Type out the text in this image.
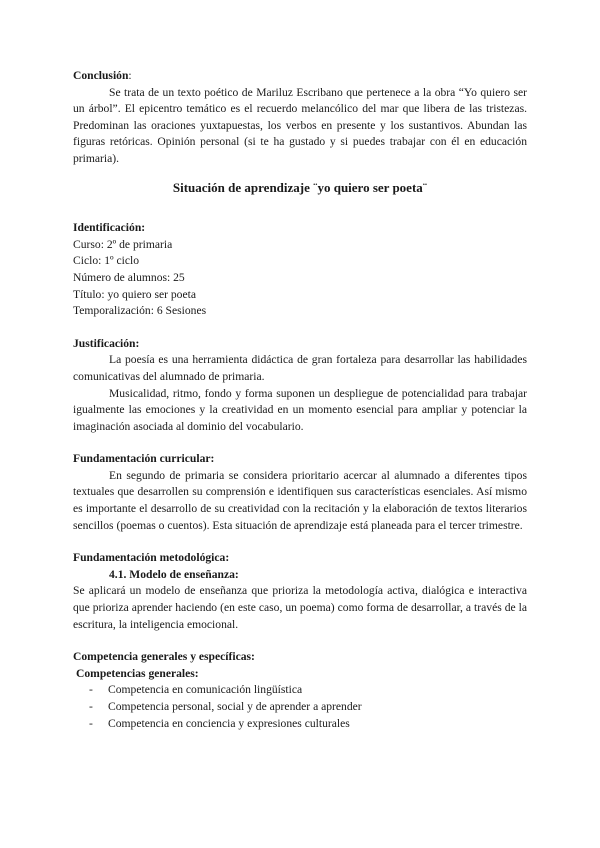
Conclusión:

Se trata de un texto poético de Mariluz Escribano que pertenece a la obra “Yo quiero ser un árbol”. El epicentro temático es el recuerdo melancólico del mar que libera de las tristezas. Predominan las oraciones yuxtapuestas, los verbos en presente y los sustantivos. Abundan las figuras retóricas. Opinión personal (si te ha gustado y si puedes trabajar con él en educación primaria).

Situación de aprendizaje ¨yo quiero ser poeta¨

Identificación:

Curso: 2º de primaria

Ciclo: 1º ciclo

Número de alumnos: 25

Título: yo quiero ser poeta

Temporalización: 6 Sesiones

Justificación:

La poesía es una herramienta didáctica de gran fortaleza para desarrollar las habilidades comunicativas del alumnado de primaria.

Musicalidad, ritmo, fondo y forma suponen un despliegue de potencialidad para trabajar igualmente las emociones y la creatividad en un momento esencial para ampliar y potenciar la imaginación asociada al dominio del vocabulario.

Fundamentación curricular:

En segundo de primaria se considera prioritario acercar al alumnado a diferentes tipos textuales que desarrollen su comprensión e identifiquen sus características esenciales. Así mismo es importante el desarrollo de su creatividad con la recitación y la elaboración de textos literarios sencillos (poemas o cuentos). Esta situación de aprendizaje está planeada para el tercer trimestre.

Fundamentación metodológica:

4.1. Modelo de enseñanza:

Se aplicará un modelo de enseñanza que prioriza la metodología activa, dialógica e interactiva que prioriza aprender haciendo (en este caso, un poema) como forma de desarrollar, a través de la escritura, la inteligencia emocional.

Competencia generales y específicas:

Competencias generales:

- Competencia en comunicación lingüística
- Competencia personal, social y de aprender a aprender
- Competencia en conciencia y expresiones culturales
